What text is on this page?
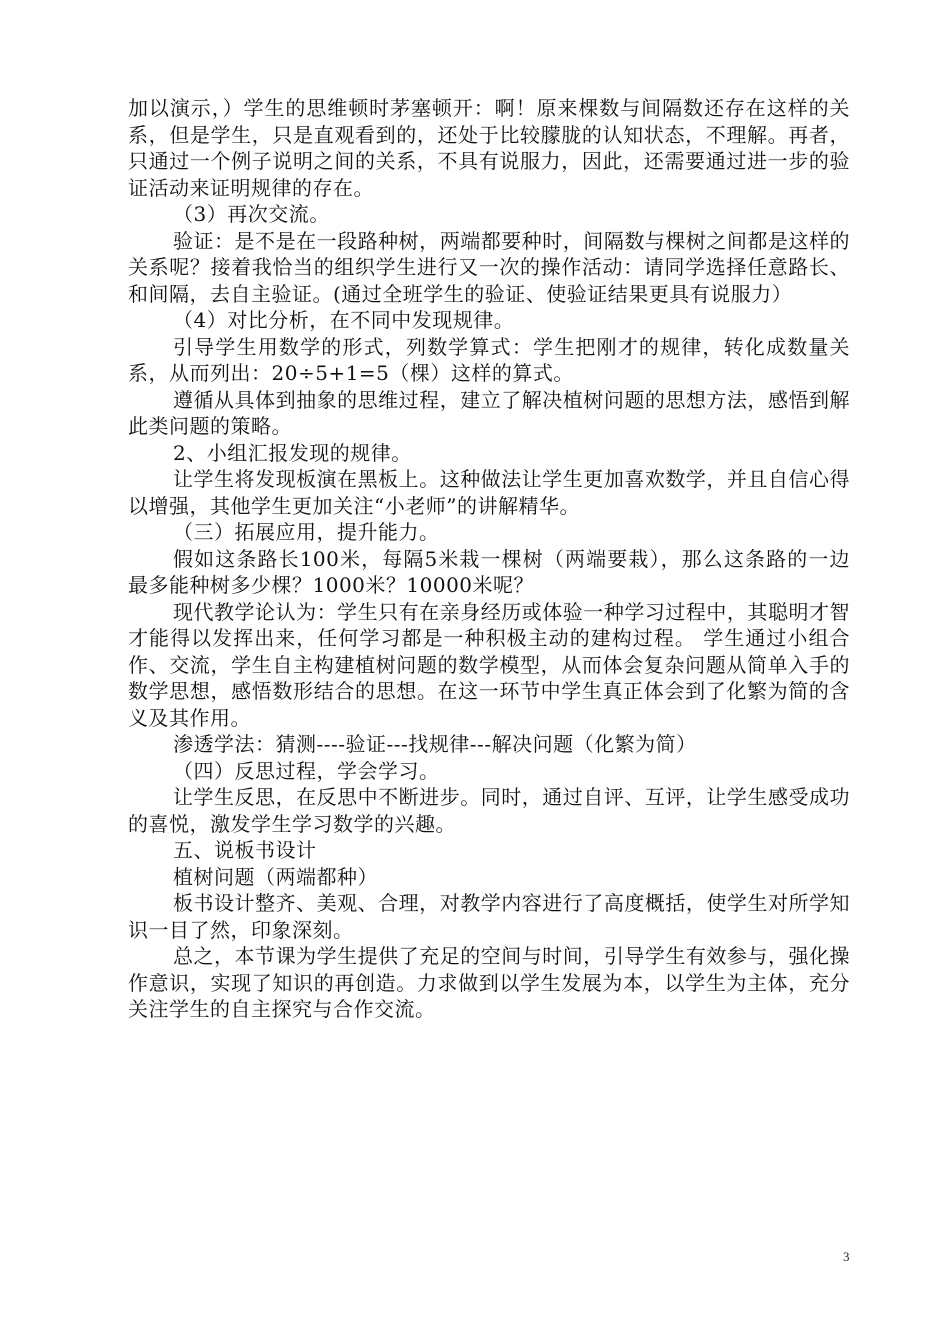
加以演示，）学生的思维顿时茅塞顿开：啊！原来棵数与间隔数还存在这样的关系，但是学生，只是直观看到的，还处于比较朦胧的认知状态，不理解。再者，只通过一个例子说明之间的关系，不具有说服力，因此，还需要通过进一步的验证活动来证明规律的存在。

（3）再次交流。

验证：是不是在一段路种树，两端都要种时，间隔数与棵树之间都是这样的关系呢？接着我恰当的组织学生进行又一次的操作活动：请同学选择任意路长、和间隔，去自主验证。(通过全班学生的验证、使验证结果更具有说服力）

（4）对比分析，在不同中发现规律。

引导学生用数学的形式，列数学算式：学生把刚才的规律，转化成数量关系，从而列出：20÷5+1=5（棵）这样的算式。

遵循从具体到抽象的思维过程，建立了解决植树问题的思想方法，感悟到解此类问题的策略。

2、小组汇报发现的规律。

让学生将发现板演在黑板上。这种做法让学生更加喜欢数学，并且自信心得以增强，其他学生更加关注“小老师”的讲解精华。

（三）拓展应用，提升能力。

假如这条路长100米，每隔5米栽一棵树（两端要栽），那么这条路的一边最多能种树多少棵？1000米？10000米呢？

现代教学论认为：学生只有在亲身经历或体验一种学习过程中，其聪明才智才能得以发挥出来，任何学习都是一种积极主动的建构过程。 学生通过小组合作、交流，学生自主构建植树问题的数学模型，从而体会复杂问题从简单入手的数学思想，感悟数形结合的思想。在这一环节中学生真正体会到了化繁为简的含义及其作用。

渗透学法：猜测----验证---找规律---解决问题（化繁为简）

（四）反思过程，学会学习。

让学生反思，在反思中不断进步。同时，通过自评、互评，让学生感受成功的喜悦，激发学生学习数学的兴趣。

五、说板书设计

植树问题（两端都种）

板书设计整齐、美观、合理，对教学内容进行了高度概括，使学生对所学知识一目了然，印象深刻。

总之，本节课为学生提供了充足的空间与时间，引导学生有效参与，强化操作意识，实现了知识的再创造。力求做到以学生发展为本，以学生为主体，充分关注学生的自主探究与合作交流。

3
